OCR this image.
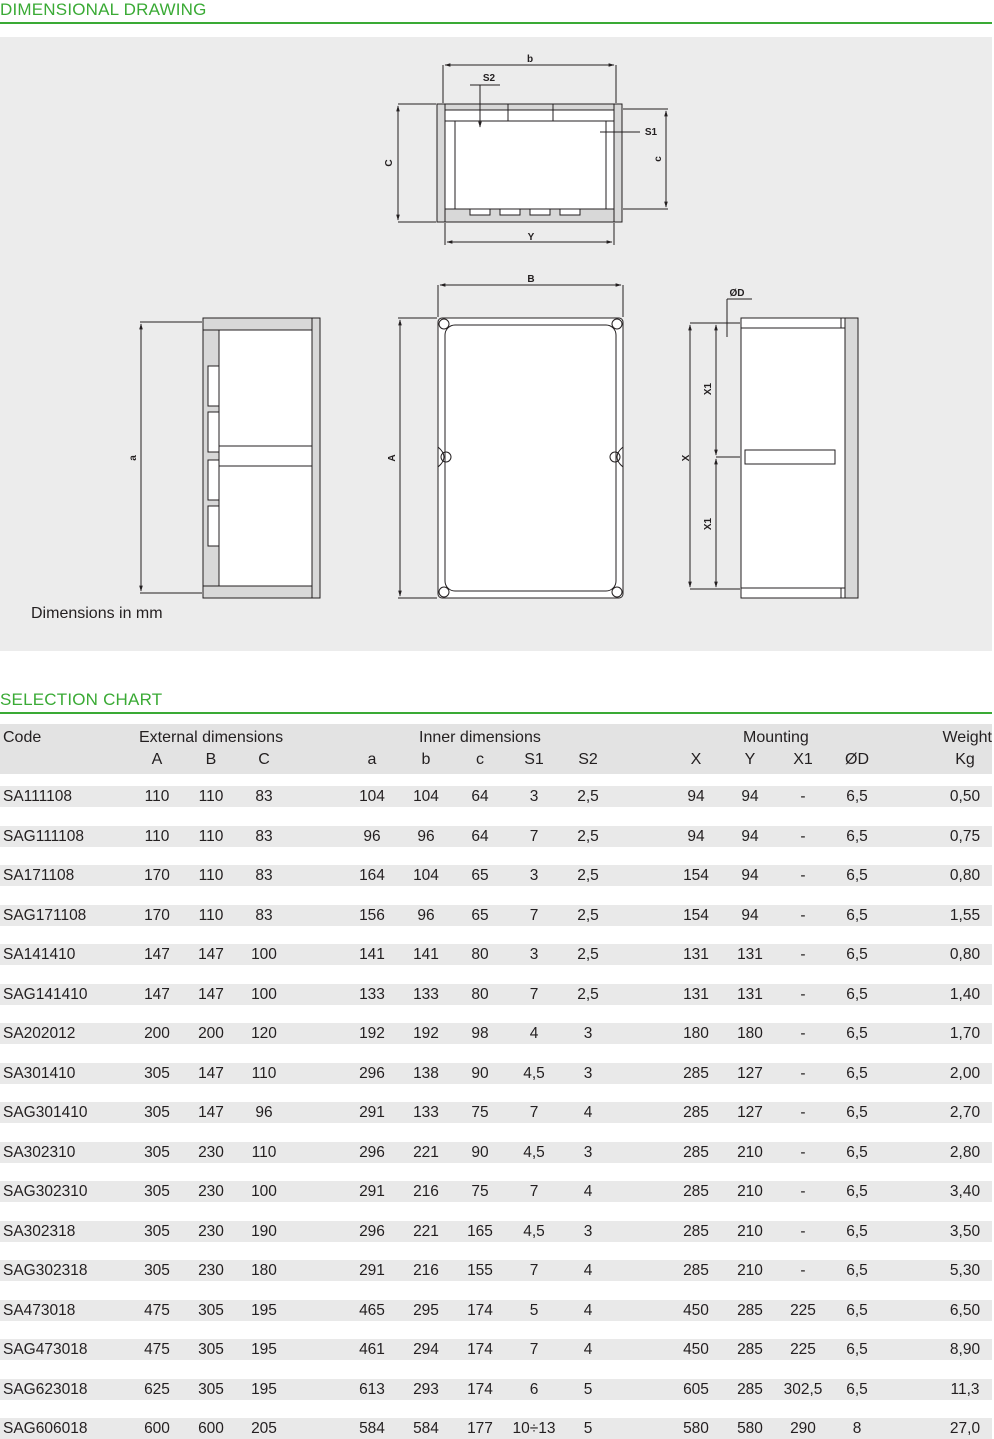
DIMENSIONAL DRAWING
b
S2
S1
C
c
Y
a
B
A
ØD
X
X1
X1
Dimensions in mm
SELECTION CHART
Code	External dimensions	Inner dimensions	Mounting	Weight
A	B	C	a	b	c	S1	S2	X	Y	X1	ØD	Kg
SA111108	110	110	83	104	104	64	3	2,5	94	94	-	6,5	0,50
SAG111108	110	110	83	96	96	64	7	2,5	94	94	-	6,5	0,75
SA171108	170	110	83	164	104	65	3	2,5	154	94	-	6,5	0,80
SAG171108	170	110	83	156	96	65	7	2,5	154	94	-	6,5	1,55
SA141410	147	147	100	141	141	80	3	2,5	131	131	-	6,5	0,80
SAG141410	147	147	100	133	133	80	7	2,5	131	131	-	6,5	1,40
SA202012	200	200	120	192	192	98	4	3	180	180	-	6,5	1,70
SA301410	305	147	110	296	138	90	4,5	3	285	127	-	6,5	2,00
SAG301410	305	147	96	291	133	75	7	4	285	127	-	6,5	2,70
SA302310	305	230	110	296	221	90	4,5	3	285	210	-	6,5	2,80
SAG302310	305	230	100	291	216	75	7	4	285	210	-	6,5	3,40
SA302318	305	230	190	296	221	165	4,5	3	285	210	-	6,5	3,50
SAG302318	305	230	180	291	216	155	7	4	285	210	-	6,5	5,30
SA473018	475	305	195	465	295	174	5	4	450	285	225	6,5	6,50
SAG473018	475	305	195	461	294	174	7	4	450	285	225	6,5	8,90
SAG623018	625	305	195	613	293	174	6	5	605	285	302,5	6,5	11,3
SAG606018	600	600	205	584	584	177	10÷13	5	580	580	290	8	27,0
